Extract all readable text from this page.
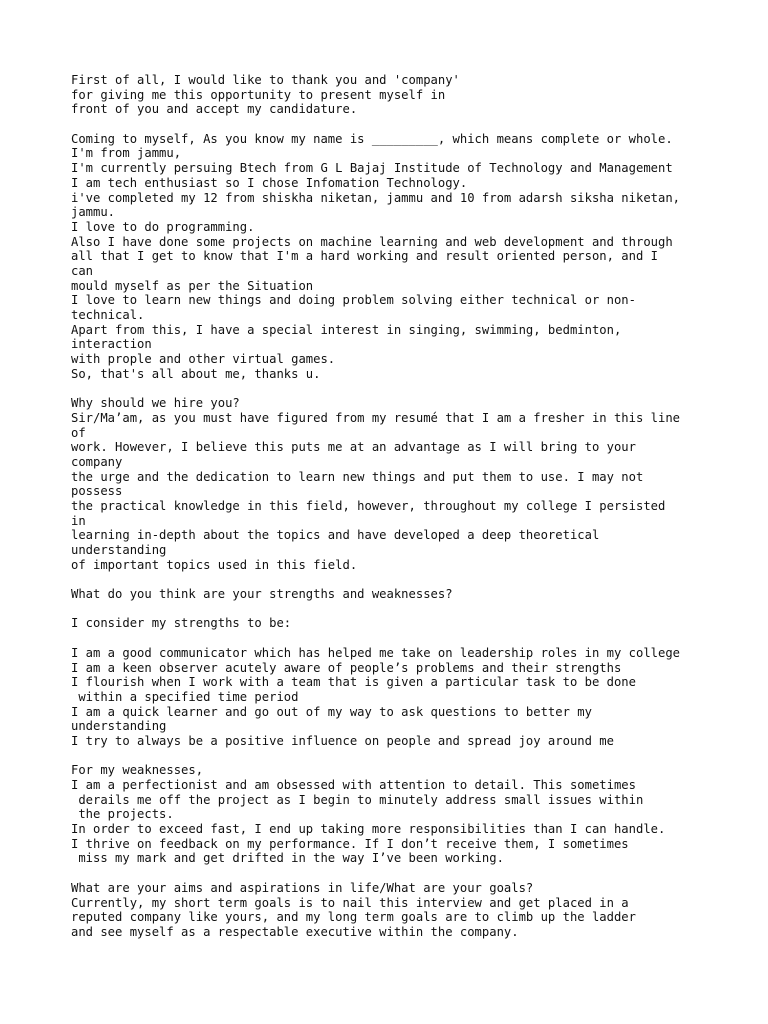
First of all, I would like to thank you and 'company'
for giving me this opportunity to present myself in
front of you and accept my candidature.
Coming to myself, As you know my name is _________, which means complete or whole.
I'm from jammu,
I'm currently persuing Btech from G L Bajaj Institude of Technology and Management
I am tech enthusiast so I chose Infomation Technology.
i've completed my 12 from shiskha niketan, jammu and 10 from adarsh siksha niketan,
jammu.
I love to do programming.
Also I have done some projects on machine learning and web development and through
all that I get to know that I'm a hard working and result oriented person, and I
can
mould myself as per the Situation
I love to learn new things and doing problem solving either technical or non-
technical.
Apart from this, I have a special interest in singing, swimming, bedminton,
interaction
with prople and other virtual games.
So, that's all about me, thanks u.
Why should we hire you?
Sir/Ma’am, as you must have figured from my resumé that I am a fresher in this line
of
work. However, I believe this puts me at an advantage as I will bring to your
company
the urge and the dedication to learn new things and put them to use. I may not
possess
the practical knowledge in this field, however, throughout my college I persisted
in
learning in-depth about the topics and have developed a deep theoretical
understanding
of important topics used in this field.
What do you think are your strengths and weaknesses?
I consider my strengths to be:
I am a good communicator which has helped me take on leadership roles in my college
I am a keen observer acutely aware of people’s problems and their strengths
I flourish when I work with a team that is given a particular task to be done
within a specified time period
I am a quick learner and go out of my way to ask questions to better my
understanding
I try to always be a positive influence on people and spread joy around me
For my weaknesses,
I am a perfectionist and am obsessed with attention to detail. This sometimes
derails me off the project as I begin to minutely address small issues within
the projects.
In order to exceed fast, I end up taking more responsibilities than I can handle.
I thrive on feedback on my performance. If I don’t receive them, I sometimes
miss my mark and get drifted in the way I’ve been working.
What are your aims and aspirations in life/What are your goals?
Currently, my short term goals is to nail this interview and get placed in a
reputed company like yours, and my long term goals are to climb up the ladder
and see myself as a respectable executive within the company.
